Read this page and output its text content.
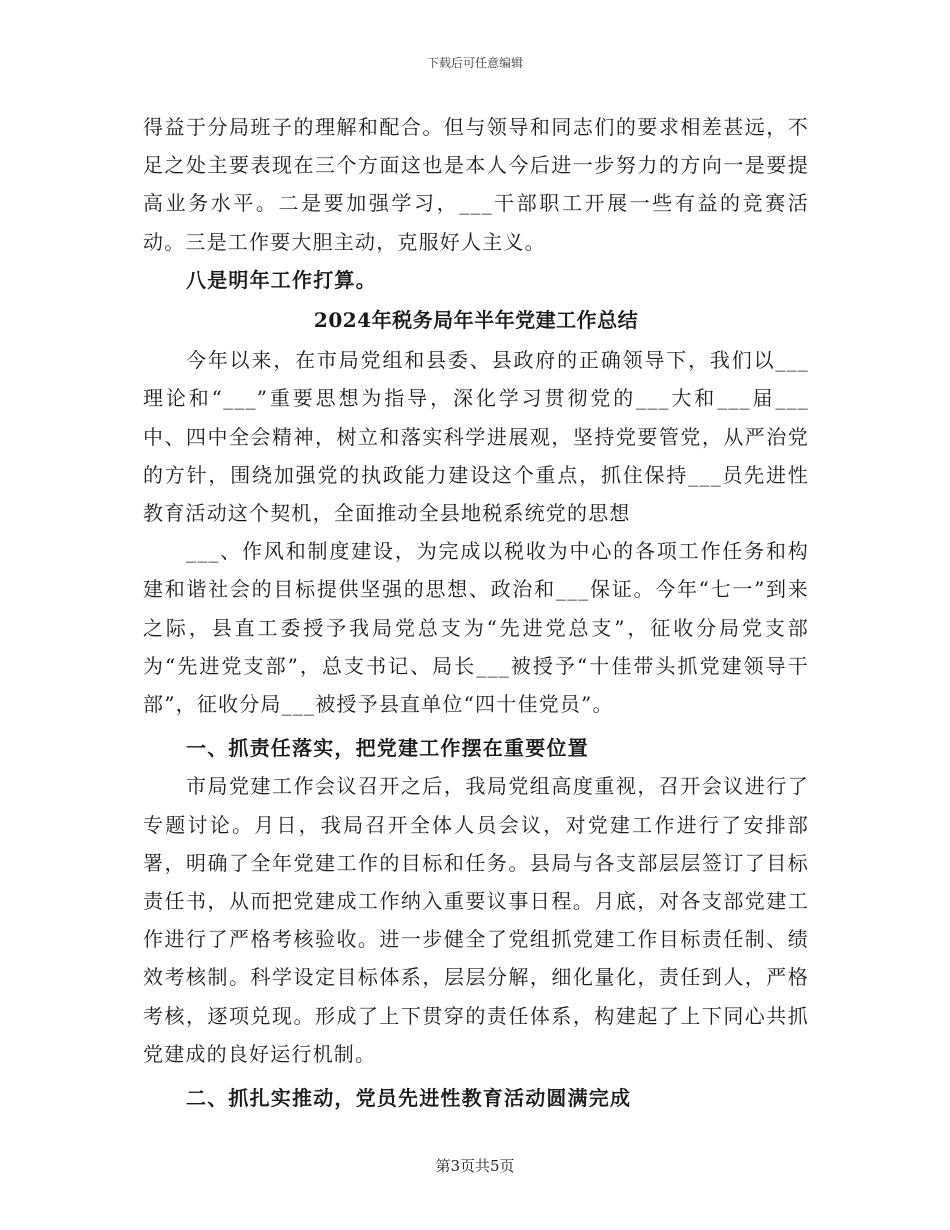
下载后可任意编辑

得益于分局班子的理解和配合。但与领导和同志们的要求相差甚远，不足之处主要表现在三个方面这也是本人今后进一步努力的方向一是要提高业务水平。二是要加强学习，___干部职工开展一些有益的竞赛活动。三是工作要大胆主动，克服好人主义。

八是明年工作打算。

2024年税务局年半年党建工作总结

今年以来，在市局党组和县委、县政府的正确领导下，我们以___理论和“___”重要思想为指导，深化学习贯彻党的___大和___届___中、四中全会精神，树立和落实科学进展观，坚持党要管党，从严治党的方针，围绕加强党的执政能力建设这个重点，抓住保持___员先进性教育活动这个契机，全面推动全县地税系统党的思想

___、作风和制度建设，为完成以税收为中心的各项工作任务和构建和谐社会的目标提供坚强的思想、政治和___保证。今年“七一”到来之际，县直工委授予我局党总支为“先进党总支”，征收分局党支部为“先进党支部”，总支书记、局长___被授予“十佳带头抓党建领导干部”，征收分局___被授予县直单位“四十佳党员”。

一、抓责任落实，把党建工作摆在重要位置

市局党建工作会议召开之后，我局党组高度重视，召开会议进行了专题讨论。月日，我局召开全体人员会议，对党建工作进行了安排部署，明确了全年党建工作的目标和任务。县局与各支部层层签订了目标责任书，从而把党建成工作纳入重要议事日程。月底，对各支部党建工作进行了严格考核验收。进一步健全了党组抓党建工作目标责任制、绩效考核制。科学设定目标体系，层层分解，细化量化，责任到人，严格考核，逐项兑现。形成了上下贯穿的责任体系，构建起了上下同心共抓党建成的良好运行机制。

二、抓扎实推动，党员先进性教育活动圆满完成

第3页共5页
